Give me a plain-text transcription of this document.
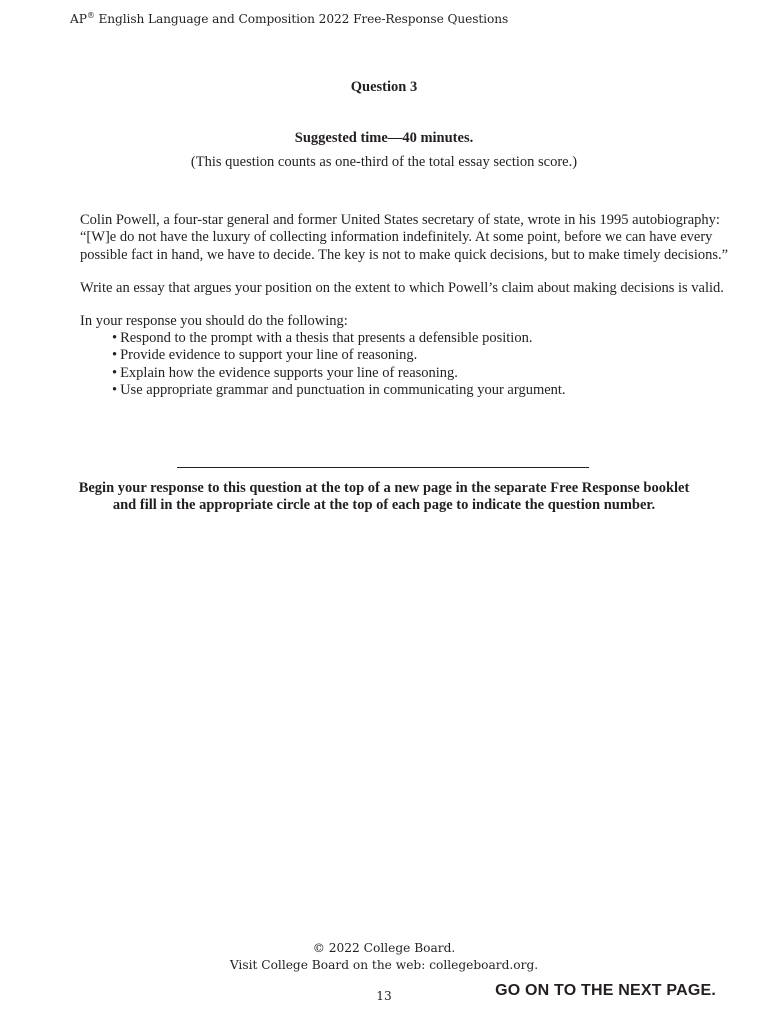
AP® English Language and Composition 2022 Free-Response Questions
Question 3
Suggested time—40 minutes.
(This question counts as one-third of the total essay section score.)
Colin Powell, a four-star general and former United States secretary of state, wrote in his 1995 autobiography: “[W]e do not have the luxury of collecting information indefinitely. At some point, before we can have every possible fact in hand, we have to decide. The key is not to make quick decisions, but to make timely decisions.”
Write an essay that argues your position on the extent to which Powell’s claim about making decisions is valid.
In your response you should do the following:
• Respond to the prompt with a thesis that presents a defensible position.
• Provide evidence to support your line of reasoning.
• Explain how the evidence supports your line of reasoning.
• Use appropriate grammar and punctuation in communicating your argument.
Begin your response to this question at the top of a new page in the separate Free Response booklet
and fill in the appropriate circle at the top of each page to indicate the question number.
© 2022 College Board.
Visit College Board on the web: collegeboard.org.
13	GO ON TO THE NEXT PAGE.
